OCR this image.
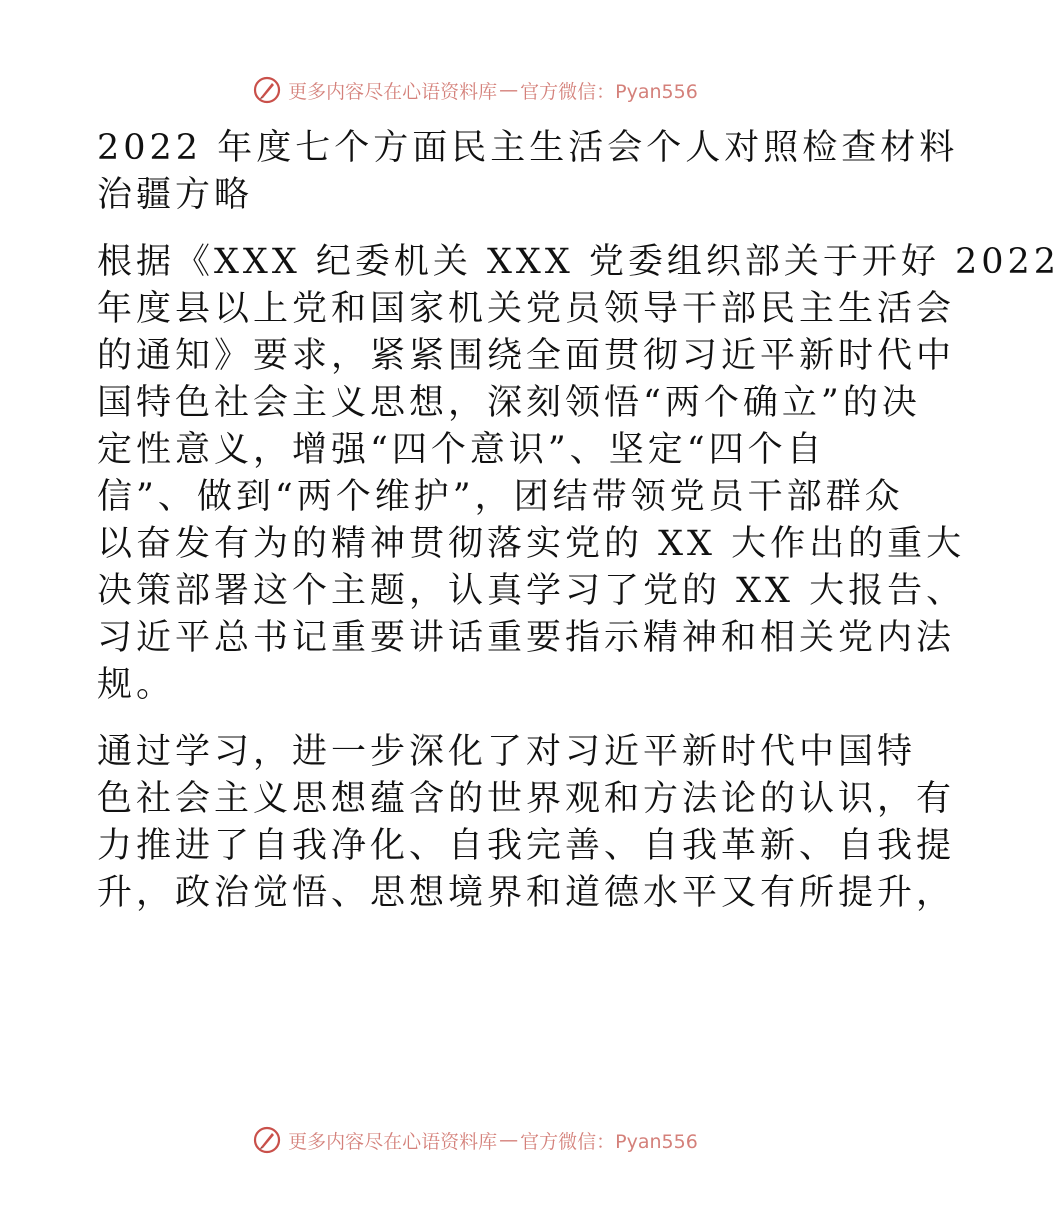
更多内容尽在心语资料库 — 官方微信：Pyan556
2022 年度七个方面民主生活会个人对照检查材料
治疆方略
根据《XXX 纪委机关 XXX 党委组织部关于开好 2022
年度县以上党和国家机关党员领导干部民主生活会
的通知》要求，紧紧围绕全面贯彻习近平新时代中
国特色社会主义思想，深刻领悟“两个确立”的决
定性意义，增强“四个意识”、坚定“四个自
信”、做到“两个维护”，团结带领党员干部群众
以奋发有为的精神贯彻落实党的 XX 大作出的重大
决策部署这个主题，认真学习了党的 XX 大报告、
习近平总书记重要讲话重要指示精神和相关党内法
规。
通过学习，进一步深化了对习近平新时代中国特
色社会主义思想蕴含的世界观和方法论的认识，有
力推进了自我净化、自我完善、自我革新、自我提
升，政治觉悟、思想境界和道德水平又有所提升，
更多内容尽在心语资料库 — 官方微信：Pyan556
